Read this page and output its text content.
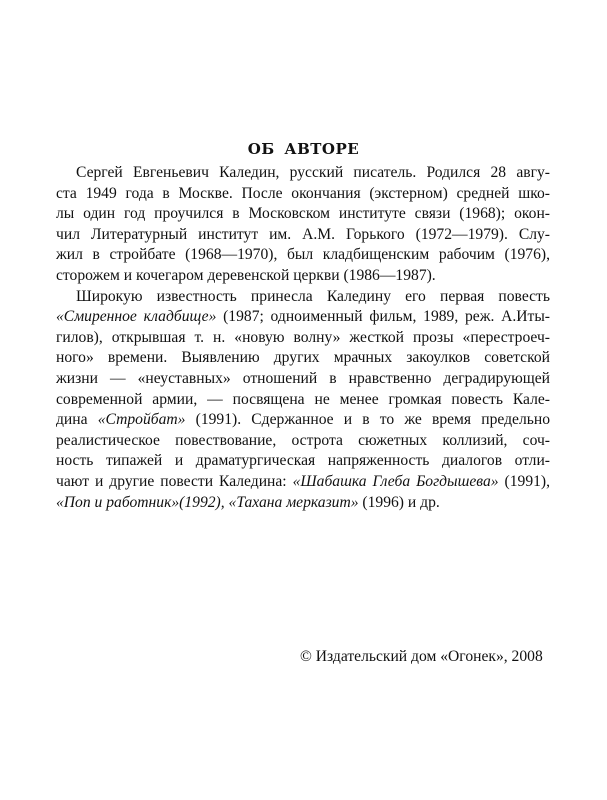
ОБ АВТОРЕ
Сергей Евгеньевич Каледин, русский писатель. Родился 28 авгу-
ста 1949 года в Москве. После окончания (экстерном) средней шко-
лы один год проучился в Московском институте связи (1968); окон-
чил Литературный институт им. А.М. Горького (1972—1979). Слу-
жил в стройбате (1968—1970), был кладбищенским рабочим (1976),
сторожем и кочегаром деревенской церкви (1986—1987).
Широкую известность принесла Каледину его первая повесть
«Смиренное кладбище» (1987; одноименный фильм, 1989, реж. А.Иты-
гилов), открывшая т. н. «новую волну» жесткой прозы «перестроеч-
ного» времени. Выявлению других мрачных закоулков советской
жизни — «неуставных» отношений в нравственно деградирующей
современной армии, — посвящена не менее громкая повесть Кале-
дина «Стройбат» (1991). Сдержанное и в то же время предельно
реалистическое повествование, острота сюжетных коллизий, соч-
ность типажей и драматургическая напряженность диалогов отли-
чают и другие повести Каледина: «Шабашка Глеба Богдышева» (1991),
«Поп и работник»(1992), «Тахана мерказит» (1996) и др.

© Издательский дом «Огонек», 2008
